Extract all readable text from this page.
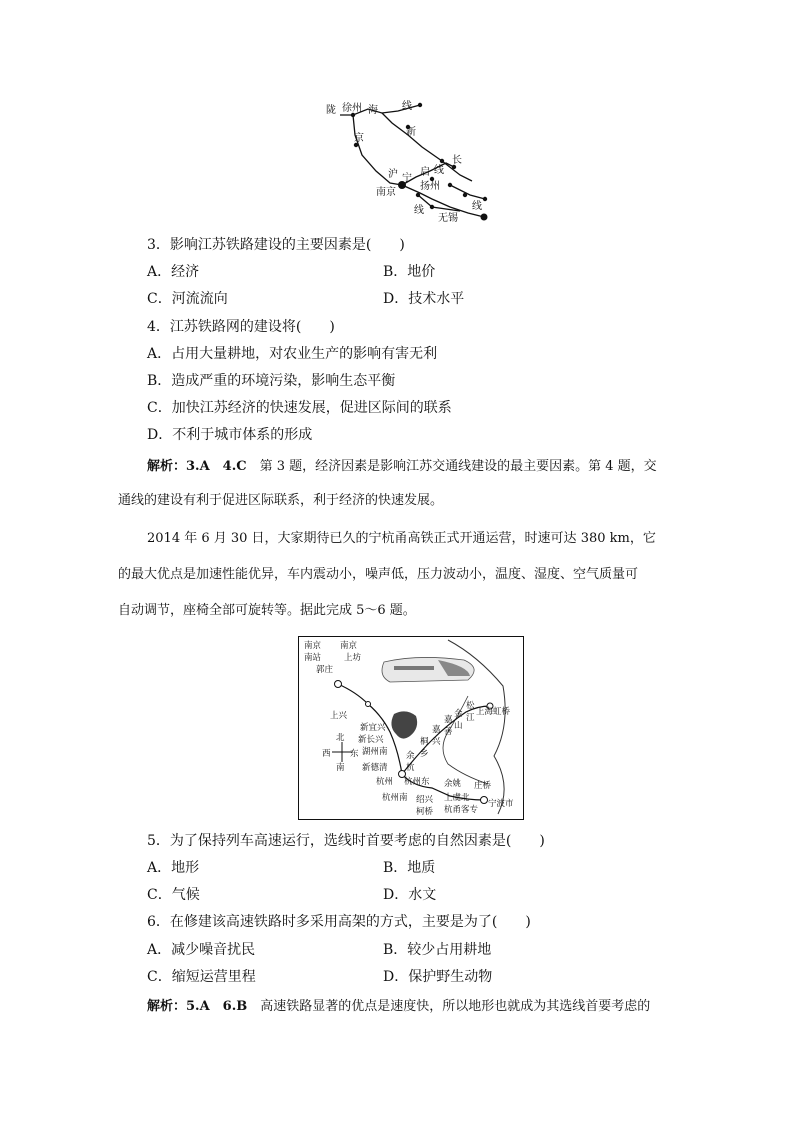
陇 徐州 海 线
京
新
沪 宁
启 线
长
南京
扬州
线	线
无锡
3．影响江苏铁路建设的主要因素是(　　)
A．经济	B．地价
C．河流流向	D．技术水平
4．江苏铁路网的建设将(　　)
A．占用大量耕地，对农业生产的影响有害无利
B．造成严重的环境污染，影响生态平衡
C．加快江苏经济的快速发展，促进区际间的联系
D．不利于城市体系的形成
解析：3.A　4.C　第 3 题，经济因素是影响江苏交通线建设的最主要因素。第 4 题，交
通线的建设有利于促进区际联系，利于经济的快速发展。
2014 年 6 月 30 日，大家期待已久的宁杭甬高铁正式开通运营，时速可达 380 km，它
的最大优点是加速性能优异，车内震动小，噪声低，压力波动小，温度、湿度、空气质量可
自动调节，座椅全部可旋转等。据此完成 5～6 题。
南京
南站
南京
上坊
郭庄
上兴
新宜兴
新长兴
湖州南
新德清
杭州
杭州南
杭州东
北
南
西 东	余
杭
桐
乡
嘉
兴
嘉
善
金
山
松
江
上海虹桥
余姚 庄桥
绍兴
柯桥
上虞北
宁波市
杭甬客专
5．为了保持列车高速运行，选线时首要考虑的自然因素是(　　)
A．地形	B．地质
C．气候	D．水文
6．在修建该高速铁路时多采用高架的方式，主要是为了(　　)
A．减少噪音扰民	B．较少占用耕地
C．缩短运营里程	D．保护野生动物
解析：5.A　6.B　高速铁路显著的优点是速度快，所以地形也就成为其选线首要考虑的
